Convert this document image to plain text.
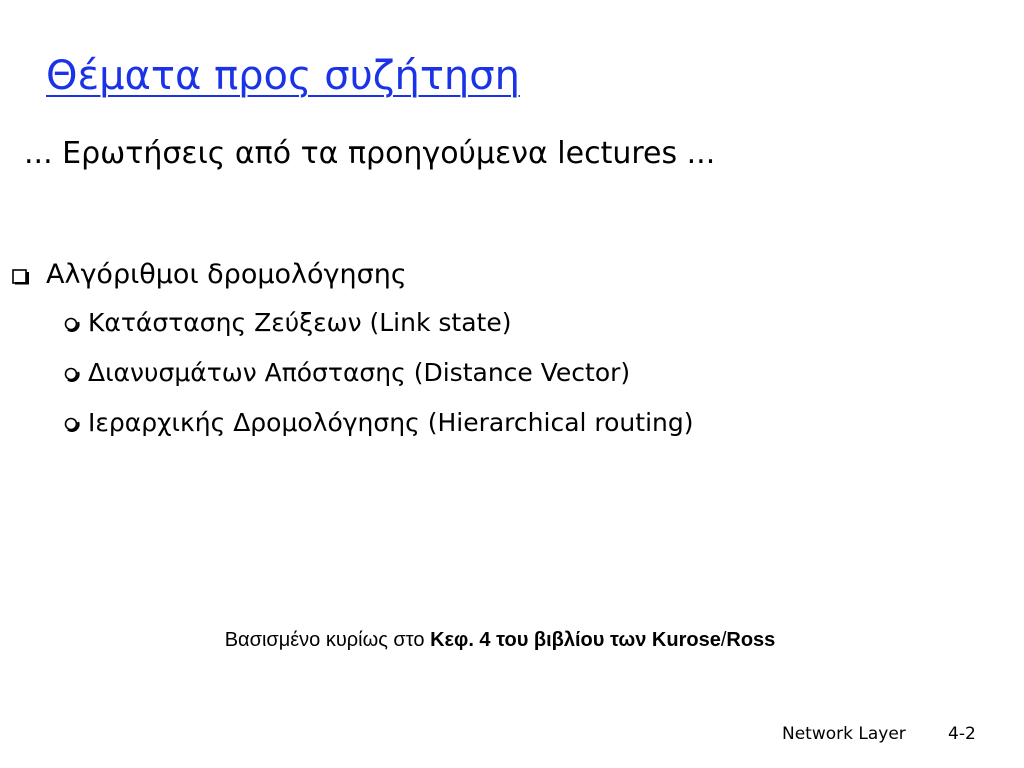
Θέματα προς συζήτηση
... Ερωτήσεις από τα προηγούμενα lectures ...
Αλγόριθμοι δρομολόγησης
Κατάστασης Ζεύξεων (Link state)
Διανυσμάτων Απόστασης (Distance Vector)
Ιεραρχικής Δρομολόγησης (Hierarchical routing)
Βασισμένο κυρίως στο Κεφ. 4 του βιβλίου των Kurose/Ross
Network Layer 4-2
